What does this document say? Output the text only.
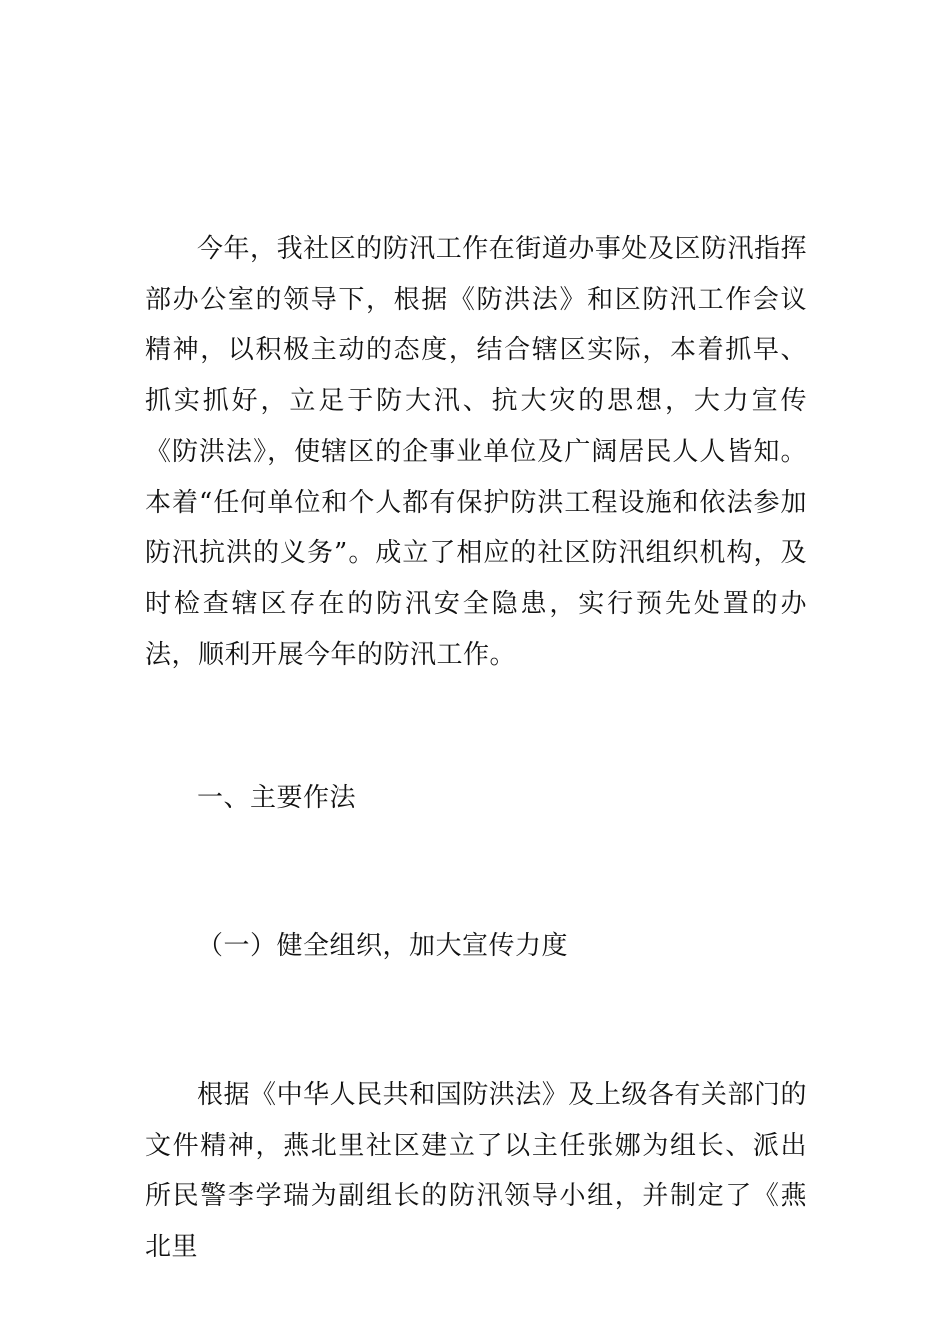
今年，我社区的防汛工作在街道办事处及区防汛指挥部办公室的领导下，根据《防洪法》和区防汛工作会议精神，以积极主动的态度，结合辖区实际，本着抓早、抓实抓好，立足于防大汛、抗大灾的思想，大力宣传《防洪法》，使辖区的企事业单位及广阔居民人人皆知。本着“任何单位和个人都有保护防洪工程设施和依法参加防汛抗洪的义务”。成立了相应的社区防汛组织机构，及时检查辖区存在的防汛安全隐患，实行预先处置的办法，顺利开展今年的防汛工作。

一、主要作法

（一）健全组织，加大宣传力度

根据《中华人民共和国防洪法》及上级各有关部门的文件精神，燕北里社区建立了以主任张娜为组长、派出所民警李学瑞为副组长的防汛领导小组，并制定了《燕北里
